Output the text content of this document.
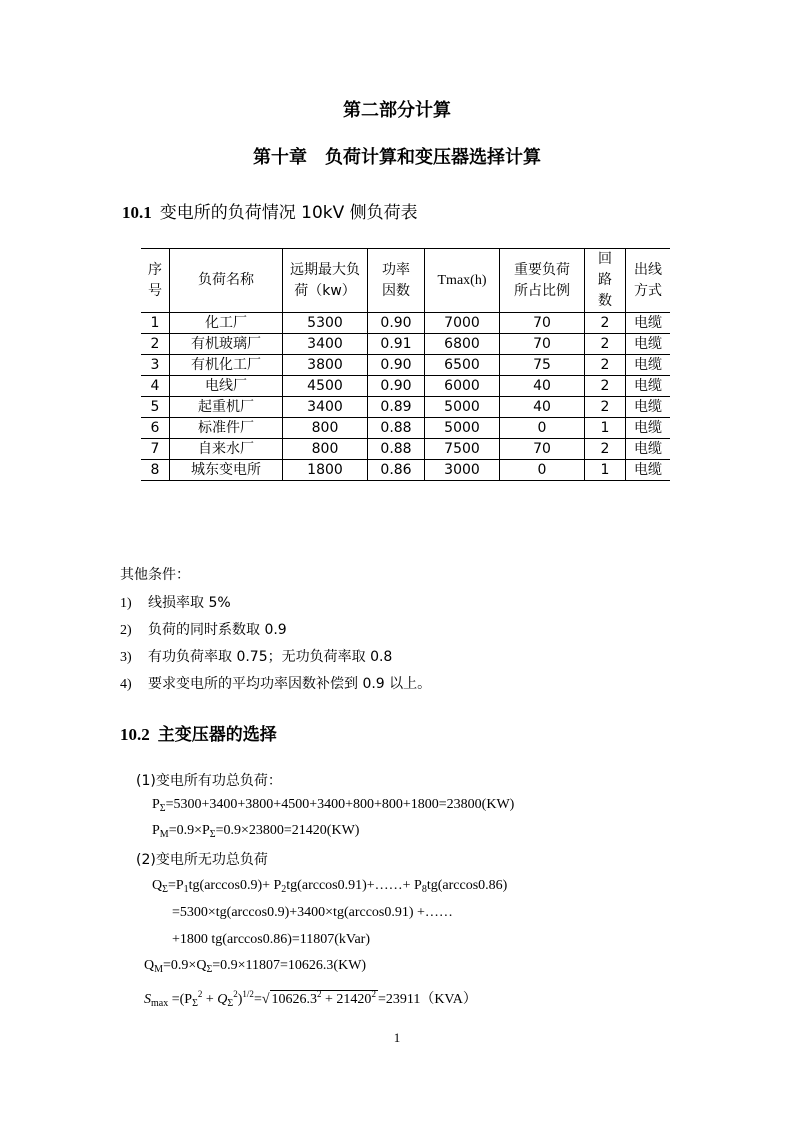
第二部分计算
第十章　负荷计算和变压器选择计算
10.1 变电所的负荷情况 10kV 侧负荷表
序号	负荷名称	远期最大负荷（kw）	功率因数	Tmax(h)	重要负荷所占比例	回路数	出线方式
1	化工厂	5300	0.90	7000	70	2	电缆
2	有机玻璃厂	3400	0.91	6800	70	2	电缆
3	有机化工厂	3800	0.90	6500	75	2	电缆
4	电线厂	4500	0.90	6000	40	2	电缆
5	起重机厂	3400	0.89	5000	40	2	电缆
6	标准件厂	800	0.88	5000	0	1	电缆
7	自来水厂	800	0.88	7500	70	2	电缆
8	城东变电所	1800	0.86	3000	0	1	电缆
其他条件：
1) 线损率取 5%
2) 负荷的同时系数取 0.9
3) 有功负荷率取 0.75；无功负荷率取 0.8
4) 要求变电所的平均功率因数补偿到 0.9 以上。
10.2 主变压器的选择
(1)变电所有功总负荷：
$P_\Sigma=5300+3400+3800+4500+3400+800+800+1800=23800(KW)$
$P_M=0.9\times P_\Sigma=0.9\times 23800=21420(KW)$
(2)变电所无功总负荷
$Q_\Sigma=P_1tg(\arccos 0.9)+$ $P_2tg(\arccos 0.91)+\dots\dots+ P_8tg(\arccos 0.86)$
=5300×tg(arccos0.9)+3400×tg(arccos0.91) +……
+1800 tg(arccos0.86)=11807(kVar)
$Q_M=0.9\times Q_\Sigma=0.9\times 11807=10626.3(KW)$
$S_{max} =(P_\Sigma^2 + Q_\Sigma^2)^{1/2}=√$ $10626.3^2 + 21420^2 =23911(KVA)$
1
